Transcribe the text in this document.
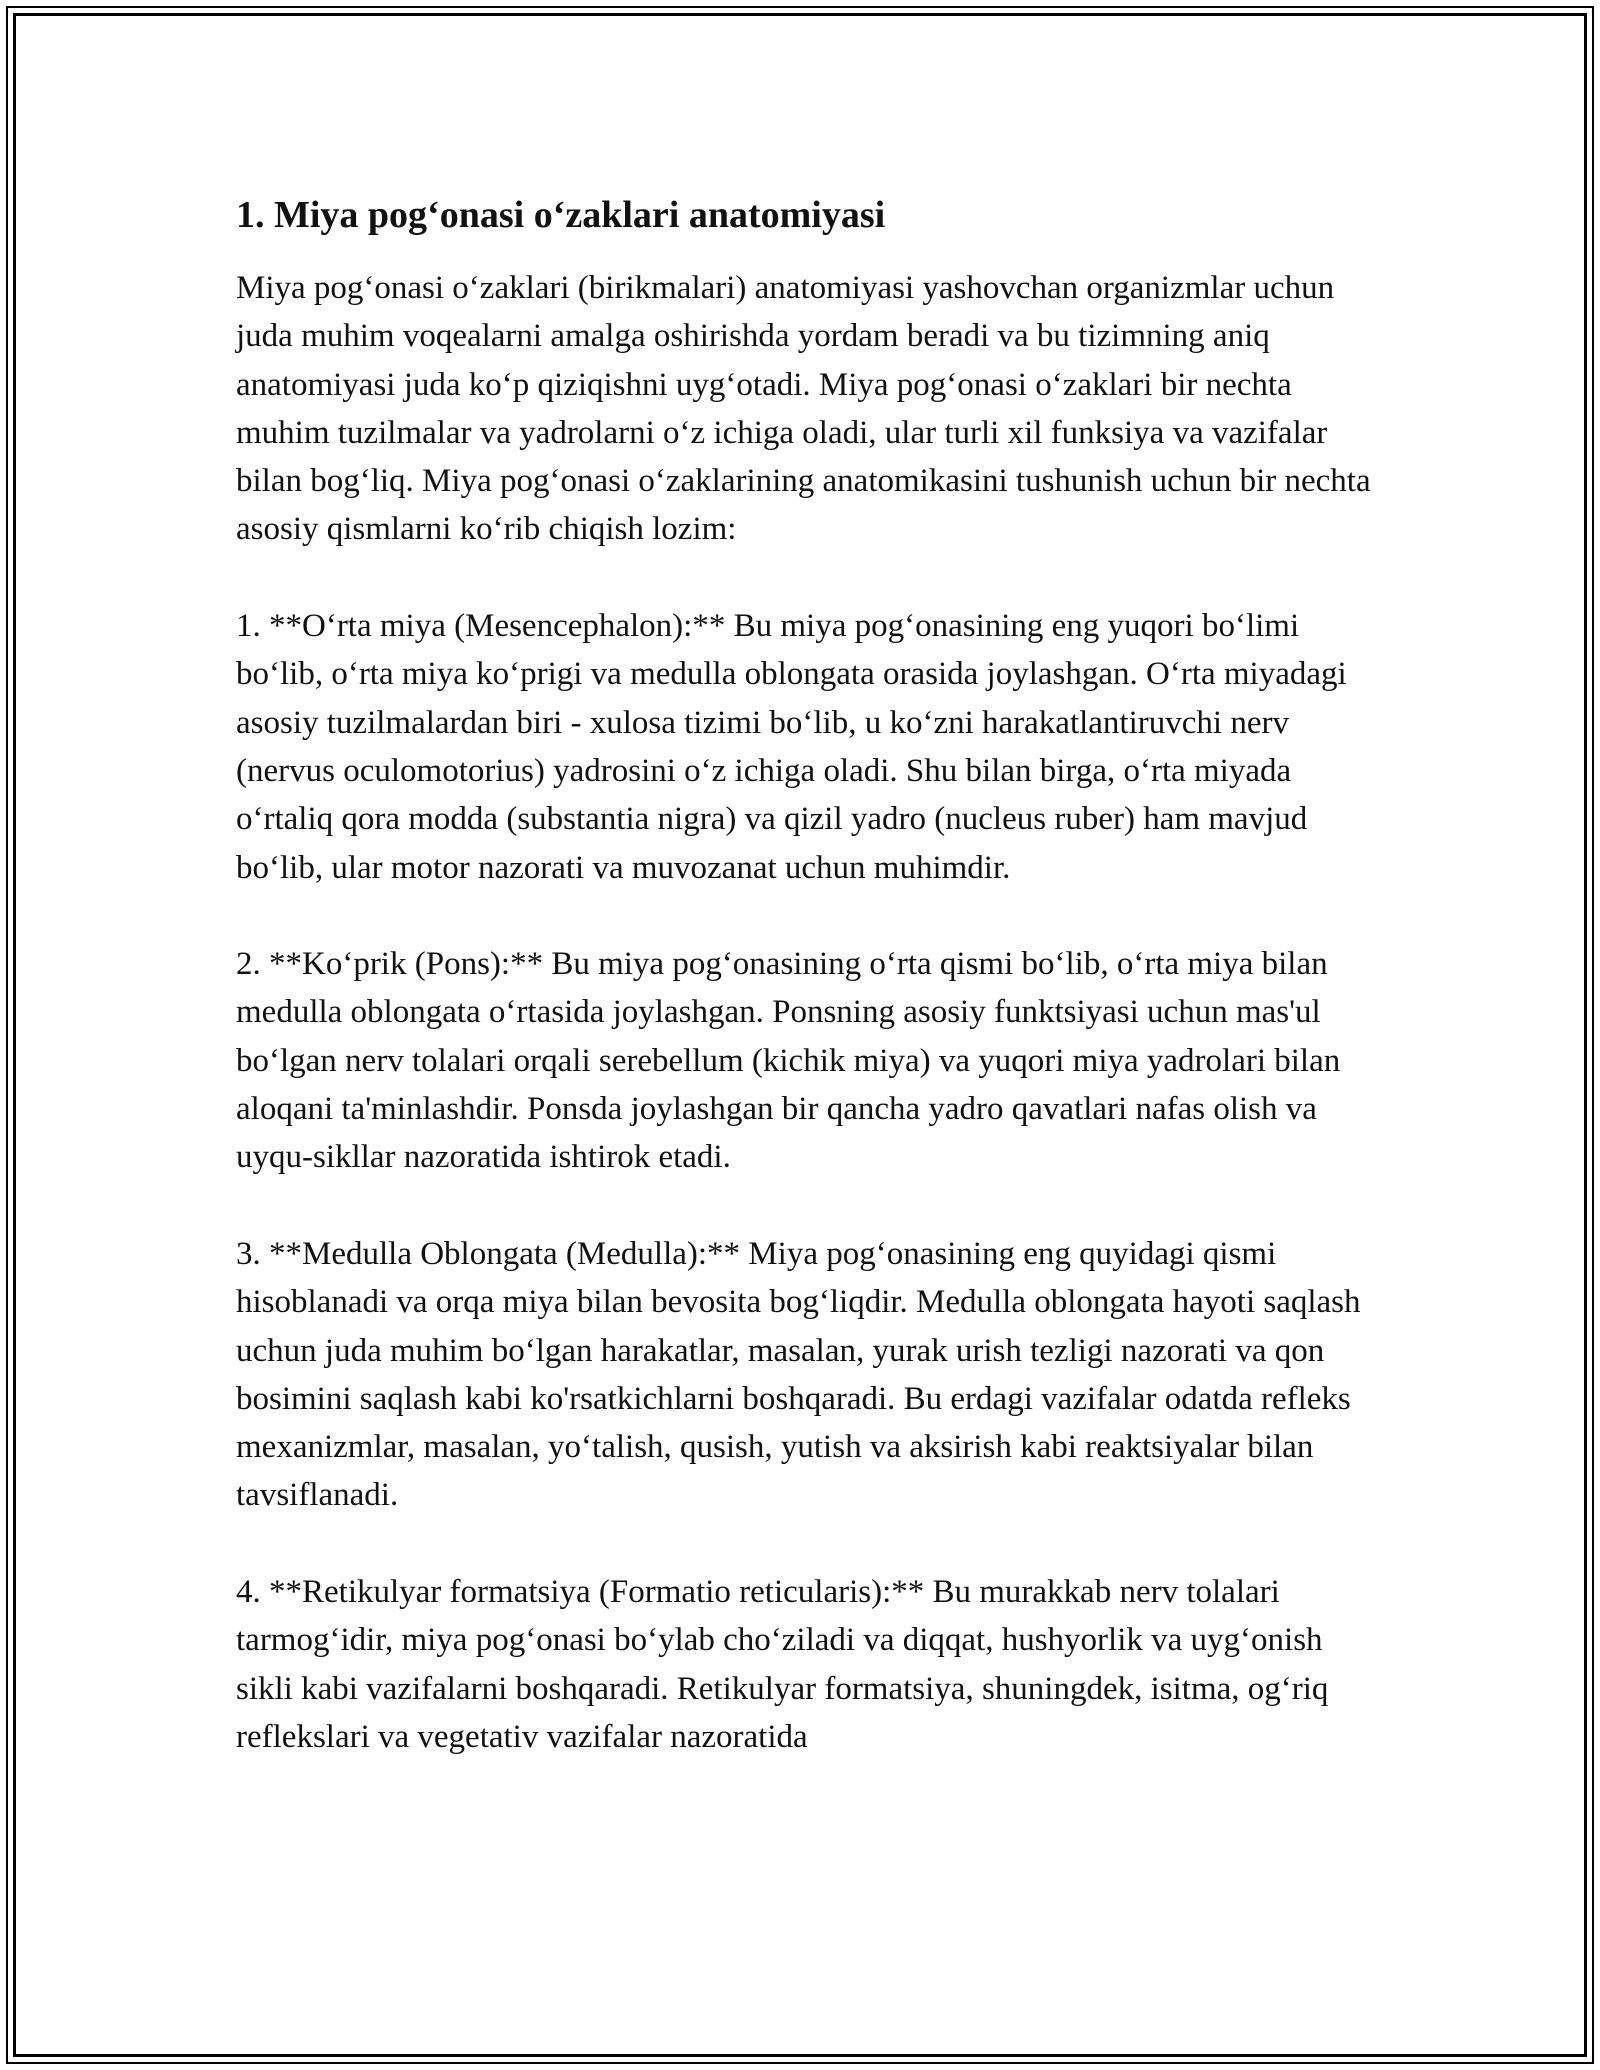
1. Miya pog‘onasi o‘zaklari anatomiyasi

Miya pog‘onasi o‘zaklari (birikmalari) anatomiyasi yashovchan organizmlar uchun juda muhim voqealarni amalga oshirishda yordam beradi va bu tizimning aniq anatomiyasi juda ko‘p qiziqishni uyg‘otadi. Miya pog‘onasi o‘zaklari bir nechta muhim tuzilmalar va yadrolarni o‘z ichiga oladi, ular turli xil funksiya va vazifalar bilan bog‘liq. Miya pog‘onasi o‘zaklarining anatomikasini tushunish uchun bir nechta asosiy qismlarni ko‘rib chiqish lozim:

1. **O‘rta miya (Mesencephalon):** Bu miya pog‘onasining eng yuqori bo‘limi bo‘lib, o‘rta miya ko‘prigi va medulla oblongata orasida joylashgan. O‘rta miyadagi asosiy tuzilmalardan biri - xulosa tizimi bo‘lib, u ko‘zni harakatlantiruvchi nerv (nervus oculomotorius) yadrosini o‘z ichiga oladi. Shu bilan birga, o‘rta miyada o‘rtaliq qora modda (substantia nigra) va qizil yadro (nucleus ruber) ham mavjud bo‘lib, ular motor nazorati va muvozanat uchun muhimdir.

2. **Ko‘prik (Pons):** Bu miya pog‘onasining o‘rta qismi bo‘lib, o‘rta miya bilan medulla oblongata o‘rtasida joylashgan. Ponsning asosiy funktsiyasi uchun mas'ul bo‘lgan nerv tolalari orqali serebellum (kichik miya) va yuqori miya yadrolari bilan aloqani ta'minlashdir. Ponsda joylashgan bir qancha yadro qavatlari nafas olish va uyqu-sikllar nazoratida ishtirok etadi.

3. **Medulla Oblongata (Medulla):** Miya pog‘onasining eng quyidagi qismi hisoblanadi va orqa miya bilan bevosita bog‘liqdir. Medulla oblongata hayoti saqlash uchun juda muhim bo‘lgan harakatlar, masalan, yurak urish tezligi nazorati va qon bosimini saqlash kabi ko'rsatkichlarni boshqaradi. Bu erdagi vazifalar odatda refleks mexanizmlar, masalan, yo‘talish, qusish, yutish va aksirish kabi reaktsiyalar bilan tavsiflanadi.

4. **Retikulyar formatsiya (Formatio reticularis):** Bu murakkab nerv tolalari tarmog‘idir, miya pog‘onasi bo‘ylab cho‘ziladi va diqqat, hushyorlik va uyg‘onish sikli kabi vazifalarni boshqaradi. Retikulyar formatsiya, shuningdek, isitma, og‘riq reflekslari va vegetativ vazifalar nazoratida
